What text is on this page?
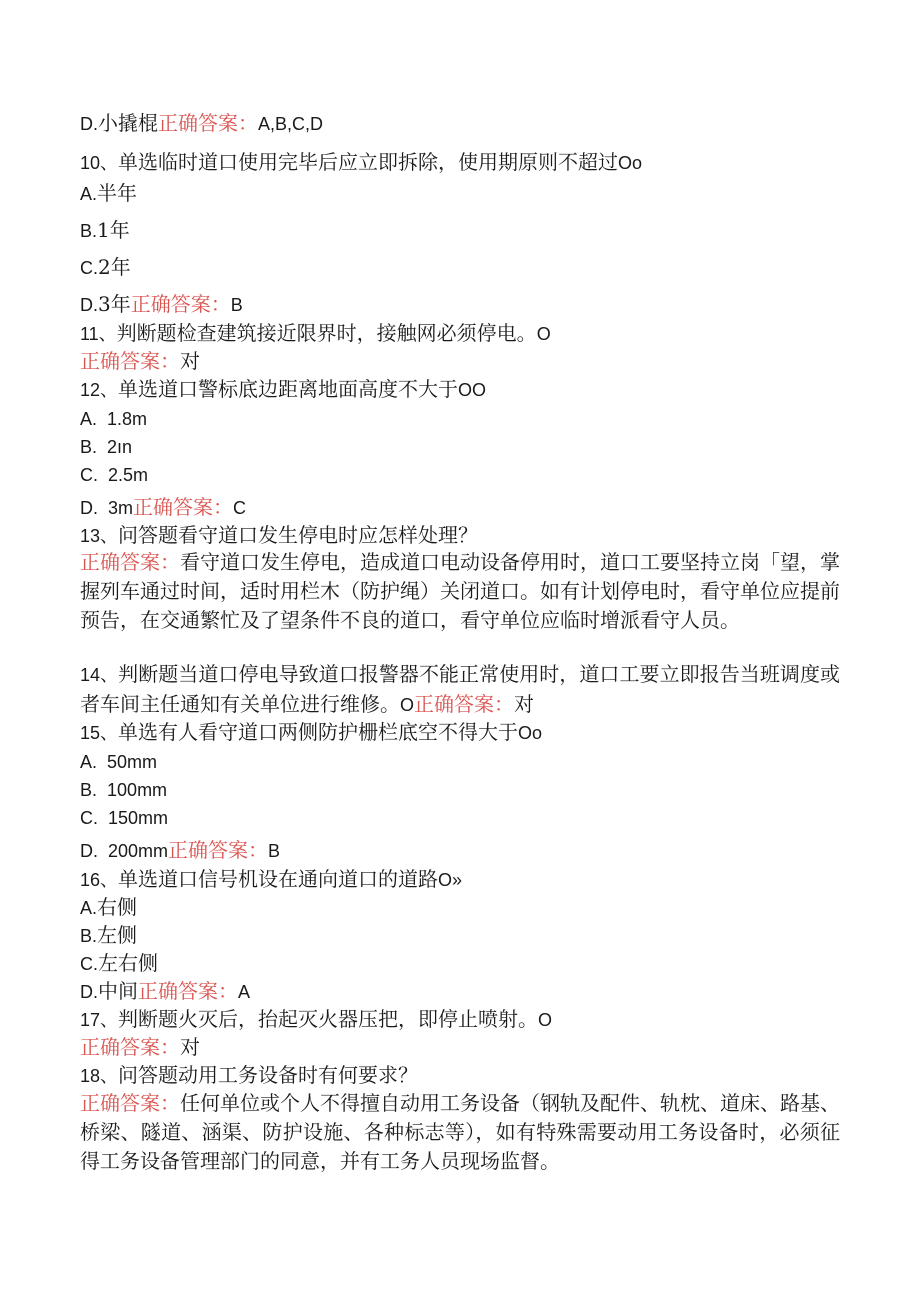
D.小撬棍正确答案：A,B,C,D
10、单选临时道口使用完毕后应立即拆除，使用期原则不超过Oo
A.半年
B.1年
C.2年
D.3年正确答案：B
11、判断题检查建筑接近限界时，接触网必须停电。O
正确答案：对
12、单选道口警标底边距离地面高度不大于OO
A. 1.8m
B. 2ın
C. 2.5m
D. 3m正确答案：C
13、问答题看守道口发生停电时应怎样处理？
正确答案：看守道口发生停电，造成道口电动设备停用时，道口工要坚持立岗「望，掌握列车通过时间，适时用栏木（防护绳）关闭道口。如有计划停电时，看守单位应提前预告，在交通繁忙及了望条件不良的道口，看守单位应临时增派看守人员。
14、判断题当道口停电导致道口报警器不能正常使用时，道口工要立即报告当班调度或者车间主任通知有关单位进行维修。O正确答案：对
15、单选有人看守道口两侧防护栅栏底空不得大于Oo
A. 50mm
B. 100mm
C. 150mm
D. 200mm正确答案：B
16、单选道口信号机设在通向道口的道路O»
A.右侧
B.左侧
C.左右侧
D.中间正确答案：A
17、判断题火灭后，抬起灭火器压把，即停止喷射。O
正确答案：对
18、问答题动用工务设备时有何要求？
正确答案：任何单位或个人不得擅自动用工务设备（钢轨及配件、轨枕、道床、路基、桥梁、隧道、涵渠、防护设施、各种标志等），如有特殊需要动用工务设备时，必须征得工务设备管理部门的同意，并有工务人员现场监督。
